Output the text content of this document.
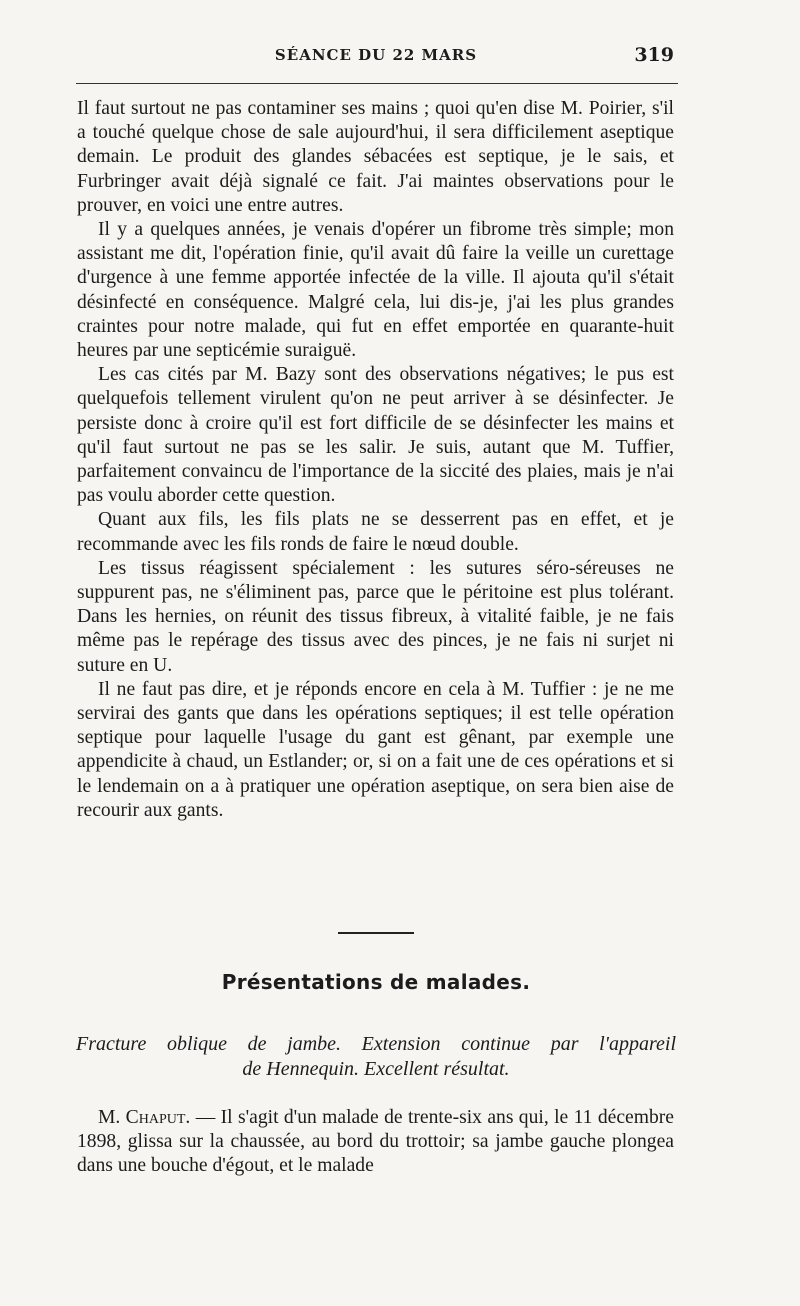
SÉANCE DU 22 MARS	319

Il faut surtout ne pas contaminer ses mains ; quoi qu'en dise M. Poirier, s'il a touché quelque chose de sale aujourd'hui, il sera difficilement aseptique demain. Le produit des glandes sébacées est septique, je le sais, et Furbringer avait déjà signalé ce fait. J'ai maintes observations pour le prouver, en voici une entre autres.

Il y a quelques années, je venais d'opérer un fibrome très simple; mon assistant me dit, l'opération finie, qu'il avait dû faire la veille un curettage d'urgence à une femme apportée infectée de la ville. Il ajouta qu'il s'était désinfecté en conséquence. Malgré cela, lui dis-je, j'ai les plus grandes craintes pour notre malade, qui fut en effet emportée en quarante-huit heures par une septicémie suraiguë.

Les cas cités par M. Bazy sont des observations négatives; le pus est quelquefois tellement virulent qu'on ne peut arriver à se désinfecter. Je persiste donc à croire qu'il est fort difficile de se désinfecter les mains et qu'il faut surtout ne pas se les salir. Je suis, autant que M. Tuffier, parfaitement convaincu de l'importance de la siccité des plaies, mais je n'ai pas voulu aborder cette question.

Quant aux fils, les fils plats ne se desserrent pas en effet, et je recommande avec les fils ronds de faire le nœud double.

Les tissus réagissent spécialement : les sutures séro-séreuses ne suppurent pas, ne s'éliminent pas, parce que le péritoine est plus tolérant. Dans les hernies, on réunit des tissus fibreux, à vitalité faible, je ne fais même pas le repérage des tissus avec des pinces, je ne fais ni surjet ni suture en U.

Il ne faut pas dire, et je réponds encore en cela à M. Tuffier : je ne me servirai des gants que dans les opérations septiques; il est telle opération septique pour laquelle l'usage du gant est gênant, par exemple une appendicite à chaud, un Estlander; or, si on a fait une de ces opérations et si le lendemain on a à pratiquer une opération aseptique, on sera bien aise de recourir aux gants.

Présentations de malades.
Fracture oblique de jambe. Extension continue par l'appareil
de Hennequin. Excellent résultat.

M. Chaput. — Il s'agit d'un malade de trente-six ans qui, le 11 décembre 1898, glissa sur la chaussée, au bord du trottoir; sa jambe gauche plongea dans une bouche d'égout, et le malade
